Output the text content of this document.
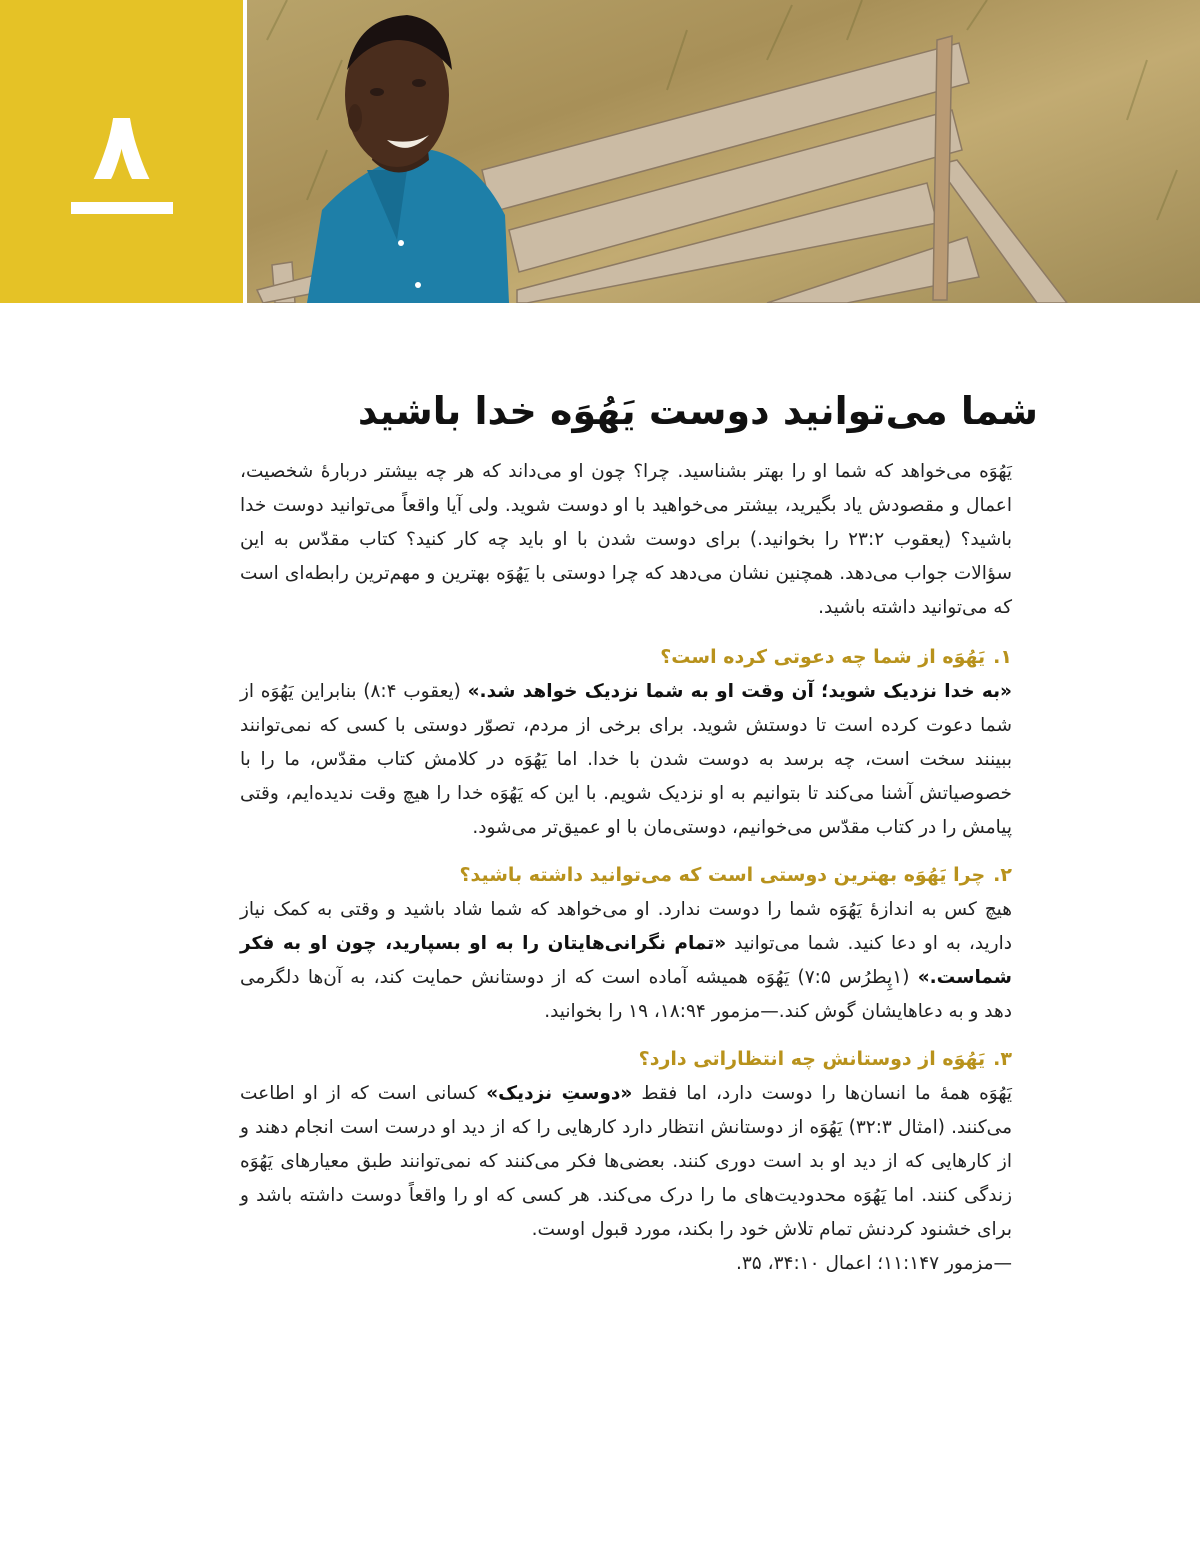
۸
شما می‌توانید دوست یَهُوَه خدا باشید

یَهُوَه می‌خواهد که شما او را بهتر بشناسید. چرا؟ چون او می‌داند که هر چه بیشتر دربارهٔ شخصیت، اعمال و مقصودش یاد بگیرید، بیشتر می‌خواهید با او دوست شوید. ولی آیا واقعاً می‌توانید دوست خدا باشید؟ (یعقوب ۲۳:۲ را بخوانید.) برای دوست شدن با او باید چه کار کنید؟ کتاب مقدّس به این سؤالات جواب می‌دهد. همچنین نشان می‌دهد که چرا دوستی با یَهُوَه بهترین و مهم‌ترین رابطه‌ای است که می‌توانید داشته باشید.

۱.یَهُوَه از شما چه دعوتی کرده است؟

«به خدا نزدیک شوید؛ آن وقت او به شما نزدیک خواهد شد.» (یعقوب ۸:۴) بنابراین یَهُوَه از شما دعوت کرده است تا دوستش شوید. برای برخی از مردم، تصوّر دوستی با کسی که نمی‌توانند ببینند سخت است، چه برسد به دوست شدن با خدا. اما یَهُوَه در کلامش کتاب مقدّس، ما را با خصوصیاتش آشنا می‌کند تا بتوانیم به او نزدیک شویم. با این که یَهُوَه خدا را هیچ وقت ندیده‌ایم، وقتی پیامش را در کتاب مقدّس می‌خوانیم، دوستی‌مان با او عمیق‌تر می‌شود.

۲.چرا یَهُوَه بهترین دوستی است که می‌توانید داشته باشید؟

هیچ کس به اندازهٔ یَهُوَه شما را دوست ندارد. او می‌خواهد که شما شاد باشید و وقتی به کمک نیاز دارید، به او دعا کنید. شما می‌توانید «تمام نگرانی‌هایتان را به او بسپارید، چون او به فکر شماست.» (۱پِطرُس ۷:۵) یَهُوَه همیشه آماده است که از دوستانش حمایت کند، به آن‌ها دلگرمی دهد و به دعاهایشان گوش کند.—مزمور ۱۸:۹۴، ۱۹ را بخوانید.

۳.یَهُوَه از دوستانش چه انتظاراتی دارد؟

یَهُوَه همهٔ ما انسان‌ها را دوست دارد، اما فقط «دوستِ نزدیک» کسانی است که از او اطاعت می‌کنند. (امثال ۳۲:۳) یَهُوَه از دوستانش انتظار دارد کارهایی را که از دید او درست است انجام دهند و از کارهایی که از دید او بد است دوری کنند. بعضی‌ها فکر می‌کنند که نمی‌توانند طبق معیارهای یَهُوَه زندگی کنند. اما یَهُوَه محدودیت‌های ما را درک می‌کند. هر کسی که او را واقعاً دوست داشته باشد و برای خشنود کردنش تمام تلاش خود را بکند، مورد قبول اوست.

—مزمور ۱۱:۱۴۷؛ اعمال ۳۴:۱۰، ۳۵.
